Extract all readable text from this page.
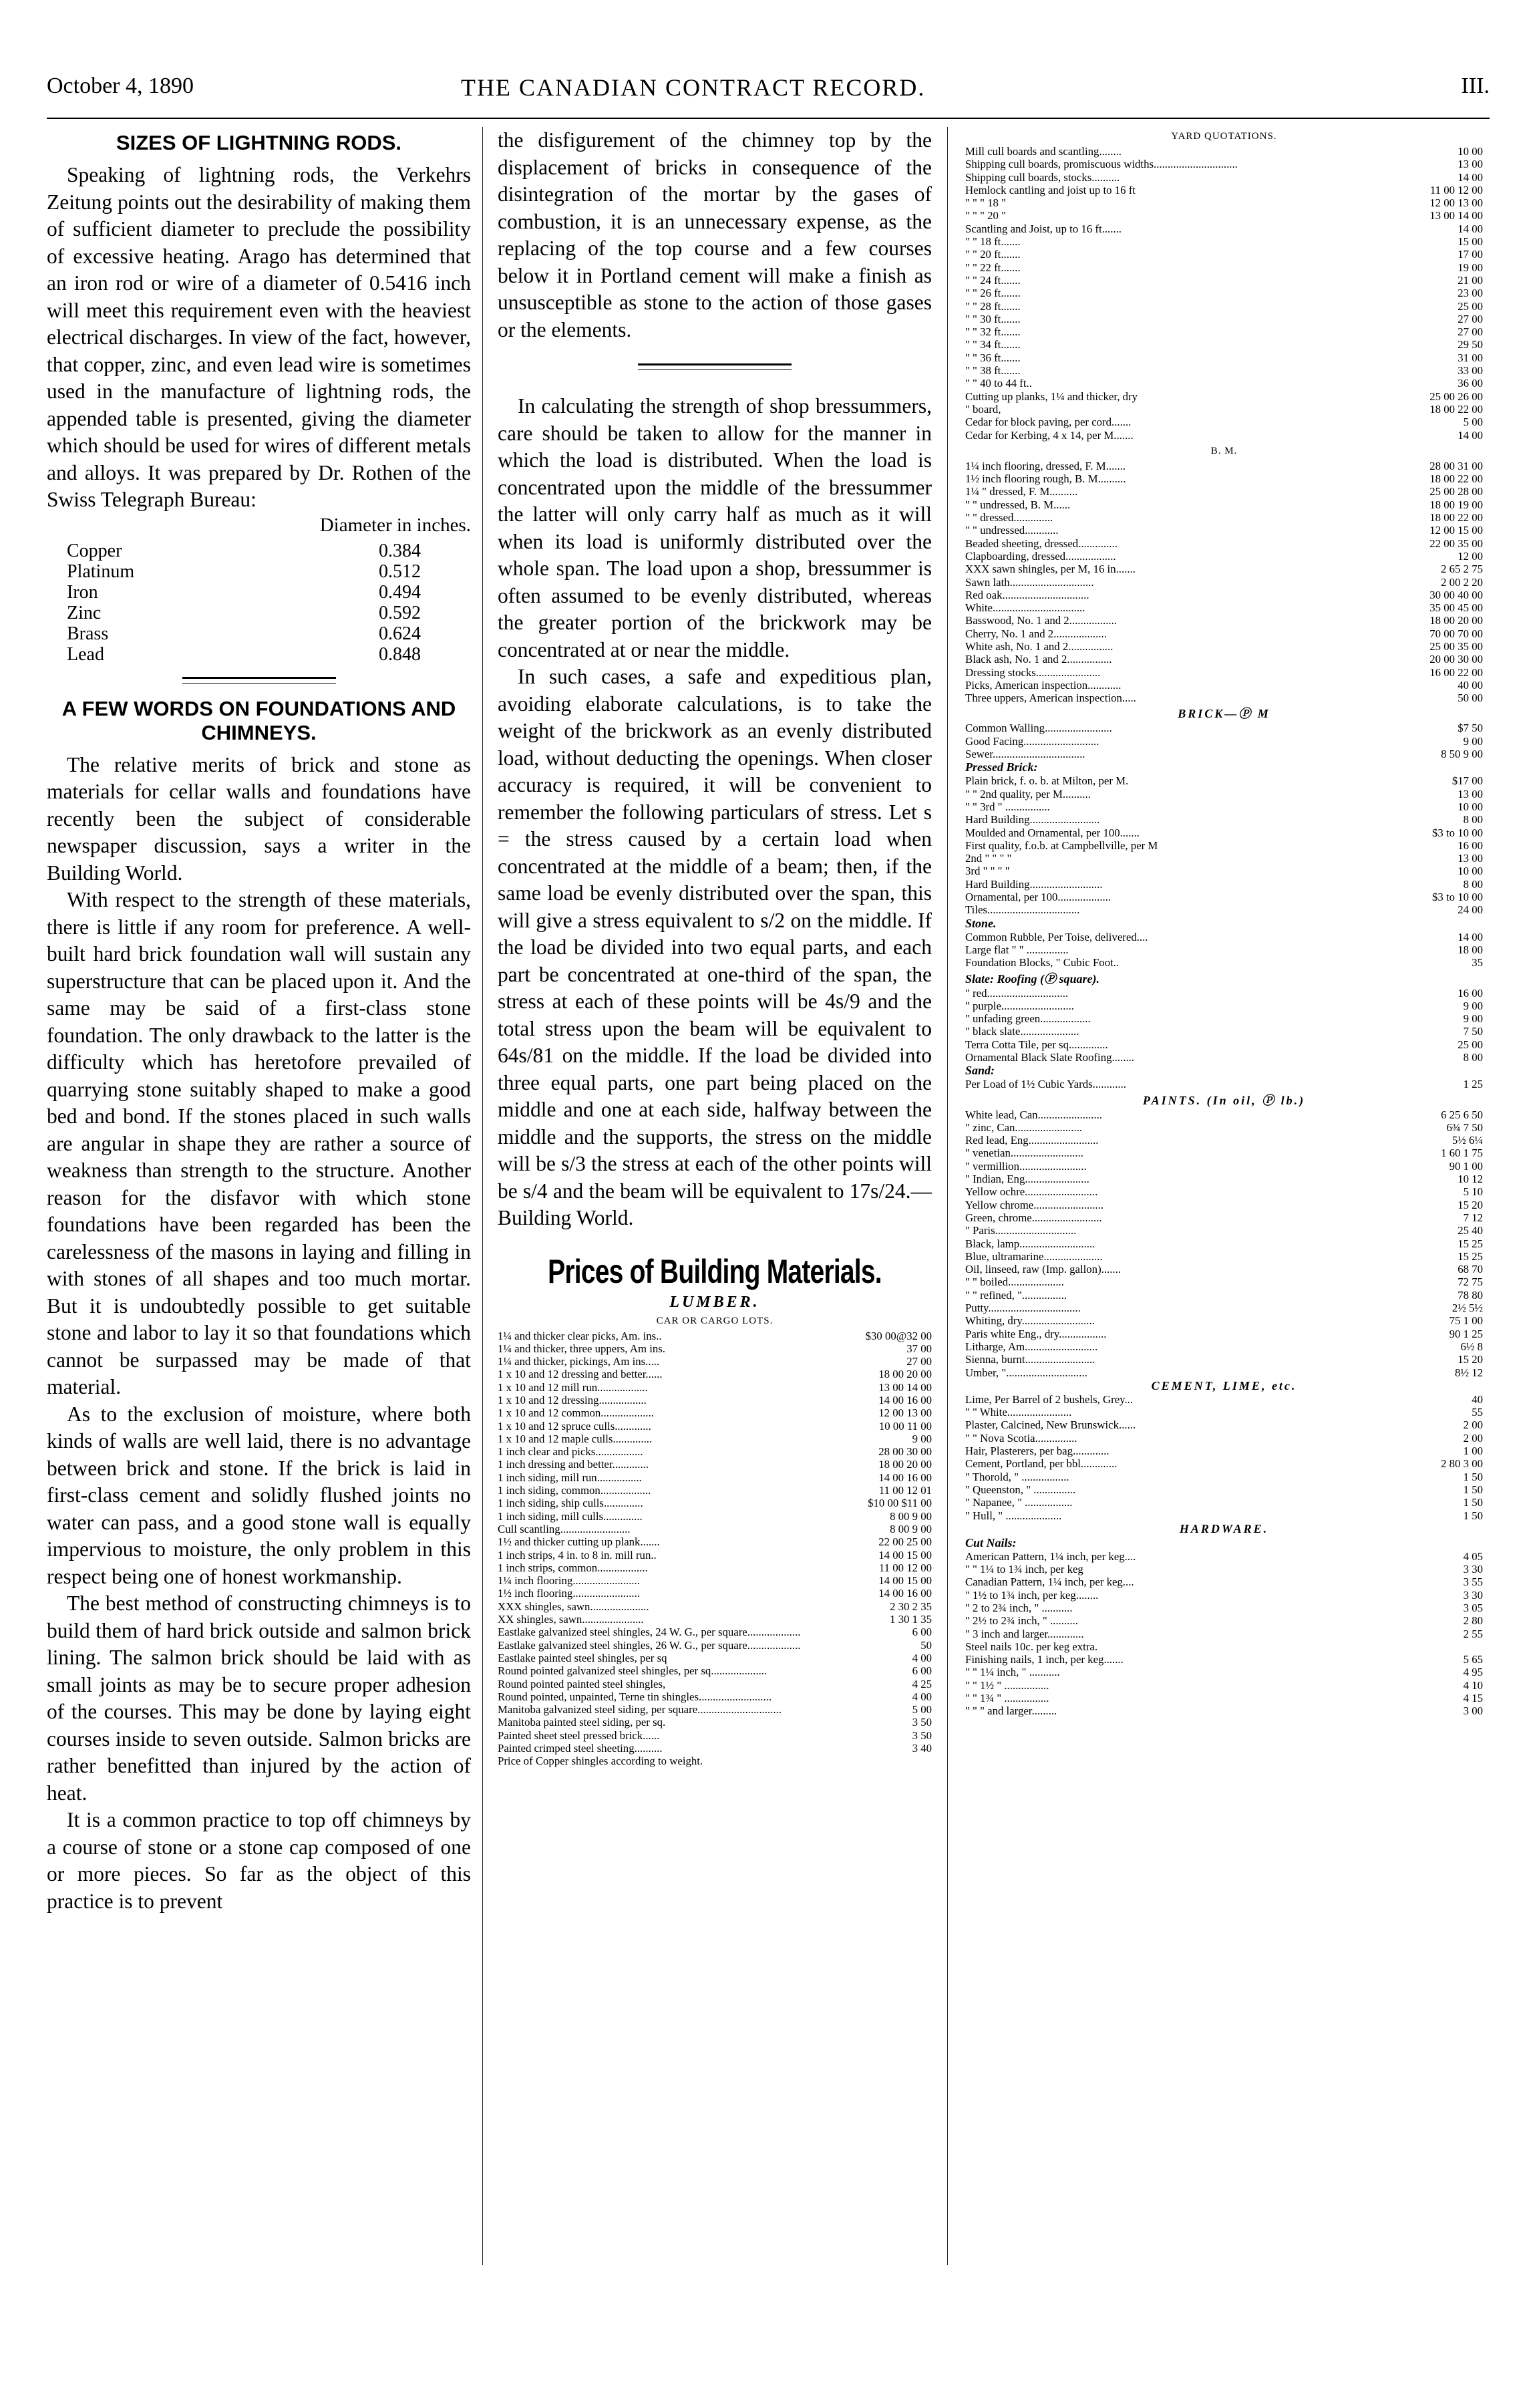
October 4, 1890	THE CANADIAN CONTRACT RECORD.	III.
SIZES OF LIGHTNING RODS.

Speaking of lightning rods, the Verkehrs Zeitung points out the desirability of making them of sufficient diameter to preclude the possibility of excessive heating. Arago has determined that an iron rod or wire of a diameter of 0.5416 inch will meet this requirement even with the heaviest electrical discharges. In view of the fact, however, that copper, zinc, and even lead wire is sometimes used in the manufacture of lightning rods, the appended table is presented, giving the diameter which should be used for wires of different metals and alloys. It was prepared by Dr. Rothen of the Swiss Telegraph Bureau:

Diameter in inches.
Copper	0.384
Platinum	0.512
Iron	0.494
Zinc	0.592
Brass	0.624
Lead	0.848
A FEW WORDS ON FOUNDATIONS AND CHIMNEYS.

The relative merits of brick and stone as materials for cellar walls and foundations have recently been the subject of considerable newspaper discussion, says a writer in the Building World.

With respect to the strength of these materials, there is little if any room for preference. A well-built hard brick foundation wall will sustain any superstructure that can be placed upon it. And the same may be said of a first-class stone foundation. The only drawback to the latter is the difficulty which has heretofore prevailed of quarrying stone suitably shaped to make a good bed and bond. If the stones placed in such walls are angular in shape they are rather a source of weakness than strength to the structure. Another reason for the disfavor with which stone foundations have been regarded has been the carelessness of the masons in laying and filling in with stones of all shapes and too much mortar. But it is undoubtedly possible to get suitable stone and labor to lay it so that foundations which cannot be surpassed may be made of that material.

As to the exclusion of moisture, where both kinds of walls are well laid, there is no advantage between brick and stone. If the brick is laid in first-class cement and solidly flushed joints no water can pass, and a good stone wall is equally impervious to moisture, the only problem in this respect being one of honest workmanship.

The best method of constructing chimneys is to build them of hard brick outside and salmon brick lining. The salmon brick should be laid with as small joints as may be to secure proper adhesion of the courses. This may be done by laying eight courses inside to seven outside. Salmon bricks are rather benefitted than injured by the action of heat.

It is a common practice to top off chimneys by a course of stone or a stone cap composed of one or more pieces. So far as the object of this practice is to prevent

the disfigurement of the chimney top by the displacement of bricks in consequence of the disintegration of the mortar by the gases of combustion, it is an unnecessary expense, as the replacing of the top course and a few courses below it in Portland cement will make a finish as unsusceptible as stone to the action of those gases or the elements.

In calculating the strength of shop bressummers, care should be taken to allow for the manner in which the load is distributed. When the load is concentrated upon the middle of the bressummer the latter will only carry half as much as it will when its load is uniformly distributed over the whole span. The load upon a shop, bressummer is often assumed to be evenly distributed, whereas the greater portion of the brickwork may be concentrated at or near the middle.

In such cases, a safe and expeditious plan, avoiding elaborate calculations, is to take the weight of the brickwork as an evenly distributed load, without deducting the openings. When closer accuracy is required, it will be convenient to remember the following particulars of stress. Let s = the stress caused by a certain load when concentrated at the middle of a beam; then, if the same load be evenly distributed over the span, this will give a stress equivalent to s/2 on the middle. If the load be divided into two equal parts, and each part be concentrated at one-third of the span, the stress at each of these points will be 4s/9 and the total stress upon the beam will be equivalent to 64s/81 on the middle. If the load be divided into three equal parts, one part being placed on the middle and one at each side, halfway between the middle and the supports, the stress on the middle will be s/3 the stress at each of the other points will be s/4 and the beam will be equivalent to 17s/24.—Building World.

Prices of Building Materials.
LUMBER.
CAR OR CARGO LOTS.
1¼ and thicker clear picks, Am. ins..	$30 00@32 00
1¼ and thicker, three uppers, Am ins.	37 00
1¼ and thicker, pickings, Am ins.....	27 00
1 x 10 and 12 dressing and better......	18 00 20 00
1 x 10 and 12 mill run..................	13 00 14 00
1 x 10 and 12 dressing.................	14 00 16 00
1 x 10 and 12 common...................	12 00 13 00
1 x 10 and 12 spruce culls.............	10 00 11 00
1 x 10 and 12 maple culls..............	9 00
1 inch clear and picks.................	28 00 30 00
1 inch dressing and better.............	18 00 20 00
1 inch siding, mill run................	14 00 16 00
1 inch siding, common..................	11 00 12 01
1 inch siding, ship culls..............	$10 00 $11 00
1 inch siding, mill culls..............	8 00 9 00
Cull scantling.........................	8 00 9 00
1½ and thicker cutting up plank.......	22 00 25 00
1 inch strips, 4 in. to 8 in. mill run..	14 00 15 00
1 inch strips, common..................	11 00 12 00
1¼ inch flooring........................	14 00 15 00
1½ inch flooring........................	14 00 16 00
XXX shingles, sawn.....................	2 30 2 35
XX shingles, sawn......................	1 30 1 35
Eastlake galvanized steel shingles, 24 W. G., per square...................	6 00
Eastlake galvanized steel shingles, 26 W. G., per square...................	50
Eastlake painted steel shingles, per sq	4 00
Round pointed galvanized steel shingles, per sq....................	6 00
Round pointed painted steel shingles,	4 25
Round pointed, unpainted, Terne tin shingles..........................	4 00
Manitoba galvanized steel siding, per square..............................	5 00
Manitoba painted steel siding, per sq.	3 50
Painted sheet steel pressed brick......	3 50
Painted crimped steel sheeting..........	3 40
Price of Copper shingles according to weight.
YARD QUOTATIONS.
Mill cull boards and scantling........	10 00
Shipping cull boards, promiscuous widths..............................	13 00
Shipping cull boards, stocks..........	14 00
Hemlock cantling and joist up to 16 ft	11 00 12 00
" " " 18 "	12 00 13 00
" " " 20 "	13 00 14 00
Scantling and Joist, up to 16 ft.......	14 00
" " 18 ft.......	15 00
" " 20 ft.......	17 00
" " 22 ft.......	19 00
" " 24 ft.......	21 00
" " 26 ft.......	23 00
" " 28 ft.......	25 00
" " 30 ft.......	27 00
" " 32 ft.......	27 00
" " 34 ft.......	29 50
" " 36 ft.......	31 00
" " 38 ft.......	33 00
" " 40 to 44 ft..	36 00
Cutting up planks, 1¼ and thicker, dry	25 00 26 00
" board,	18 00 22 00
Cedar for block paving, per cord.......	5 00
Cedar for Kerbing, 4 x 14, per M.......	14 00
B. M.
1¼ inch flooring, dressed, F. M.......	28 00 31 00
1½ inch flooring rough, B. M..........	18 00 22 00
1¼ " dressed, F. M..........	25 00 28 00
" " undressed, B. M......	18 00 19 00
" " dressed..............	18 00 22 00
" " undressed............	12 00 15 00
Beaded sheeting, dressed..............	22 00 35 00
Clapboarding, dressed..................	12 00
XXX sawn shingles, per M, 16 in.......	2 65 2 75
Sawn lath..............................	2 00 2 20
Red oak...............................	30 00 40 00
White.................................	35 00 45 00
Basswood, No. 1 and 2.................	18 00 20 00
Cherry, No. 1 and 2...................	70 00 70 00
White ash, No. 1 and 2................	25 00 35 00
Black ash, No. 1 and 2................	20 00 30 00
Dressing stocks.......................	16 00 22 00
Picks, American inspection............	40 00
Three uppers, American inspection.....	50 00
BRICK—Ⓟ M
Common Walling........................	$7 50
Good Facing...........................	9 00
Sewer.................................	8 50 9 00
Pressed Brick:
Plain brick, f. o. b. at Milton, per M.	$17 00
" " 2nd quality, per M..........	13 00
" " 3rd " ................	10 00
Hard Building.........................	8 00
Moulded and Ornamental, per 100.......	$3 to 10 00
First quality, f.o.b. at Campbellville, per M	16 00
2nd " " " "	13 00
3rd " " " "	10 00
Hard Building..........................	8 00
Ornamental, per 100...................	$3 to 10 00
Tiles.................................	24 00
Stone.
Common Rubble, Per Toise, delivered....	14 00
Large flat " " ...............	18 00
Foundation Blocks, " Cubic Foot..	35
Slate: Roofing (Ⓟ square).
" red.............................	16 00
" purple..........................	9 00
" unfading green..................	9 00
" black slate.....................	7 50
Terra Cotta Tile, per sq..............	25 00
Ornamental Black Slate Roofing........	8 00
Sand:
Per Load of 1½ Cubic Yards............	1 25
PAINTS. (In oil, Ⓟ lb.)
White lead, Can.......................	6 25 6 50
" zinc, Can........................	6¾ 7 50
Red lead, Eng.........................	5½ 6¼
" venetian..........................	1 60 1 75
" vermillion........................	90 1 00
" Indian, Eng.......................	10 12
Yellow ochre..........................	5 10
Yellow chrome.........................	15 20
Green, chrome.........................	7 12
" Paris.............................	25 40
Black, lamp...........................	15 25
Blue, ultramarine.....................	15 25
Oil, linseed, raw (Imp. gallon).......	68 70
" " boiled....................	72 75
" " refined, "................	78 80
Putty.................................	2½ 5½
Whiting, dry..........................	75 1 00
Paris white Eng., dry.................	90 1 25
Litharge, Am..........................	6½ 8
Sienna, burnt.........................	15 20
Umber, ".............................	8½ 12
CEMENT, LIME, etc.
Lime, Per Barrel of 2 bushels, Grey...	40
" " White.......................	55
Plaster, Calcined, New Brunswick......	2 00
" " Nova Scotia...............	2 00
Hair, Plasterers, per bag.............	1 00
Cement, Portland, per bbl.............	2 80 3 00
" Thorold, " .................	1 50
" Queenston, " ...............	1 50
" Napanee, " .................	1 50
" Hull, " ....................	1 50
HARDWARE.
Cut Nails:
American Pattern, 1¼ inch, per keg....	4 05
" " 1¼ to 1¾ inch, per keg	3 30
Canadian Pattern, 1¼ inch, per keg....	3 55
" 1½ to 1¾ inch, per keg........	3 30
" 2 to 2¾ inch, " ...........	3 05
" 2½ to 2¾ inch, " ..........	2 80
" 3 inch and larger.............	2 55
Steel nails 10c. per keg extra.
Finishing nails, 1 inch, per keg.......	5 65
" " 1¼ inch, " ...........	4 95
" " 1½ " ................	4 10
" " 1¾ " ................	4 15
" " " and larger.........	3 00
